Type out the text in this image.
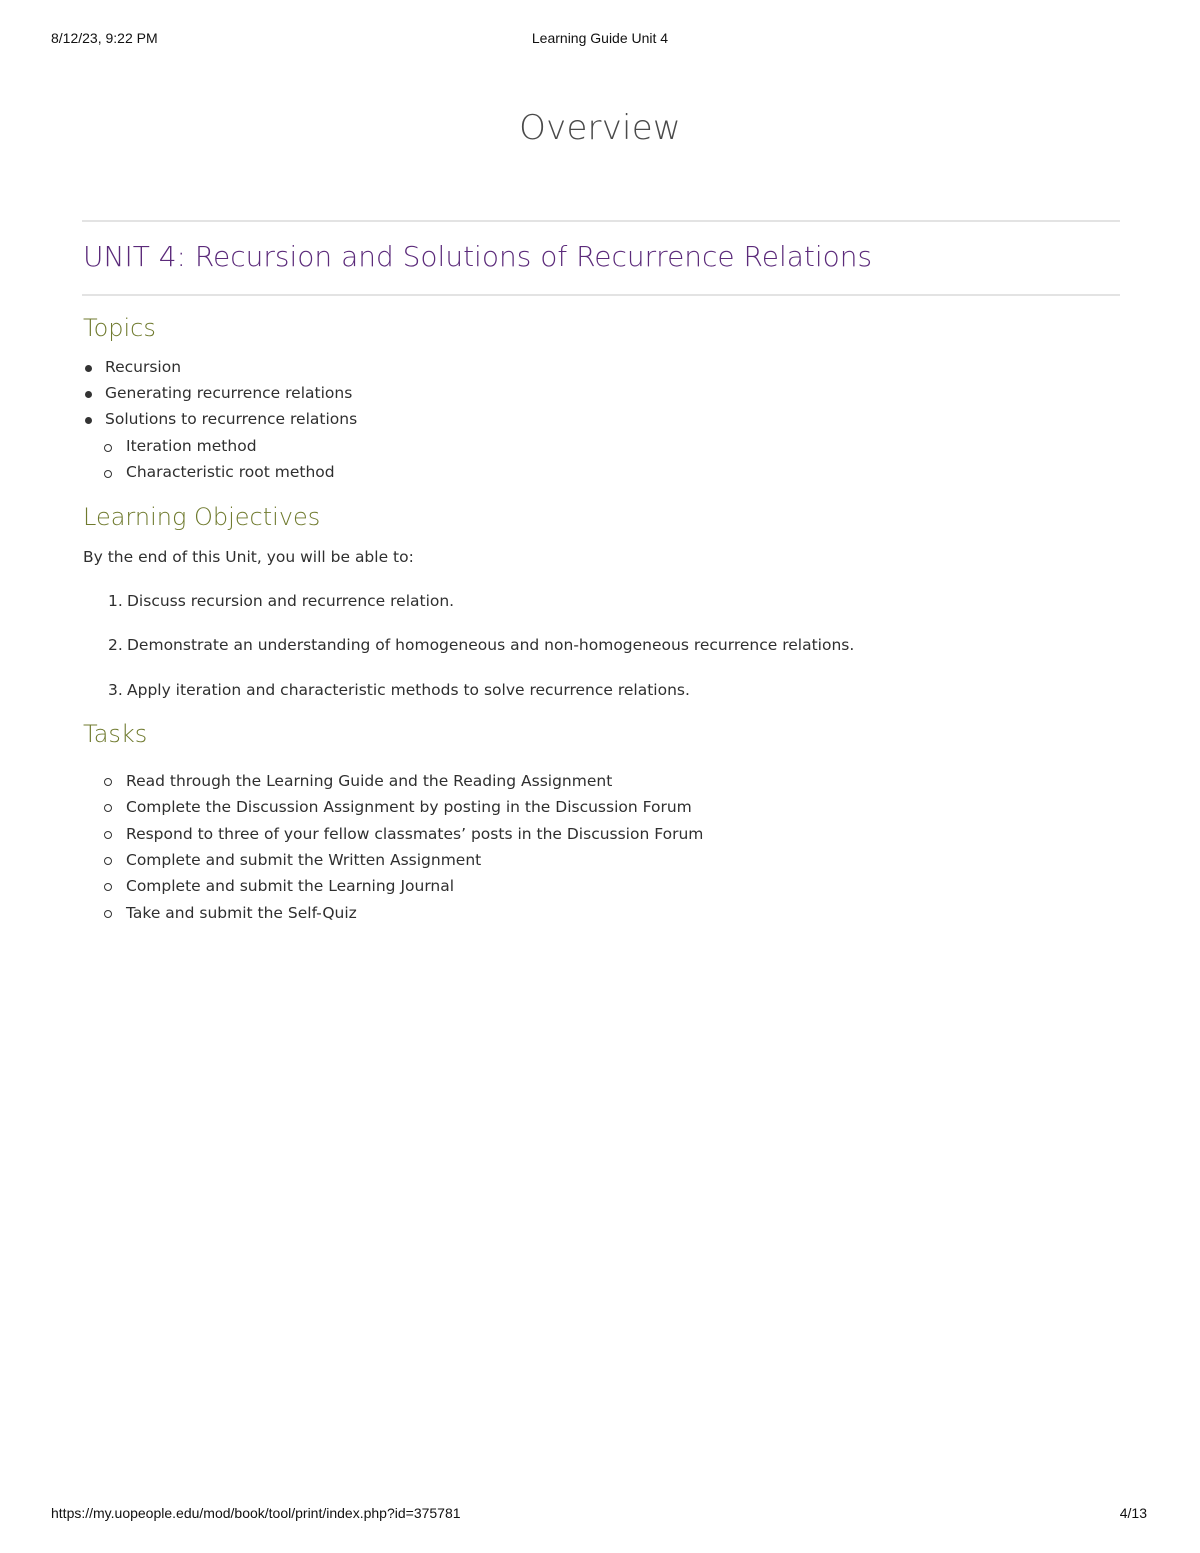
8/12/23, 9:22 PM	Learning Guide Unit 4
https://my.uopeople.edu/mod/book/tool/print/index.php?id=375781	4/13
Overview
UNIT 4: Recursion and Solutions of Recurrence Relations
Topics
Recursion
Generating recurrence relations
Solutions to recurrence relations
Iteration method
Characteristic root method
Learning Objectives
By the end of this Unit, you will be able to:
1. Discuss recursion and recurrence relation.
2. Demonstrate an understanding of homogeneous and non-homogeneous recurrence relations.
3. Apply iteration and characteristic methods to solve recurrence relations.
Tasks
Read through the Learning Guide and the Reading Assignment
Complete the Discussion Assignment by posting in the Discussion Forum
Respond to three of your fellow classmates’ posts in the Discussion Forum
Complete and submit the Written Assignment
Complete and submit the Learning Journal
Take and submit the Self-Quiz
